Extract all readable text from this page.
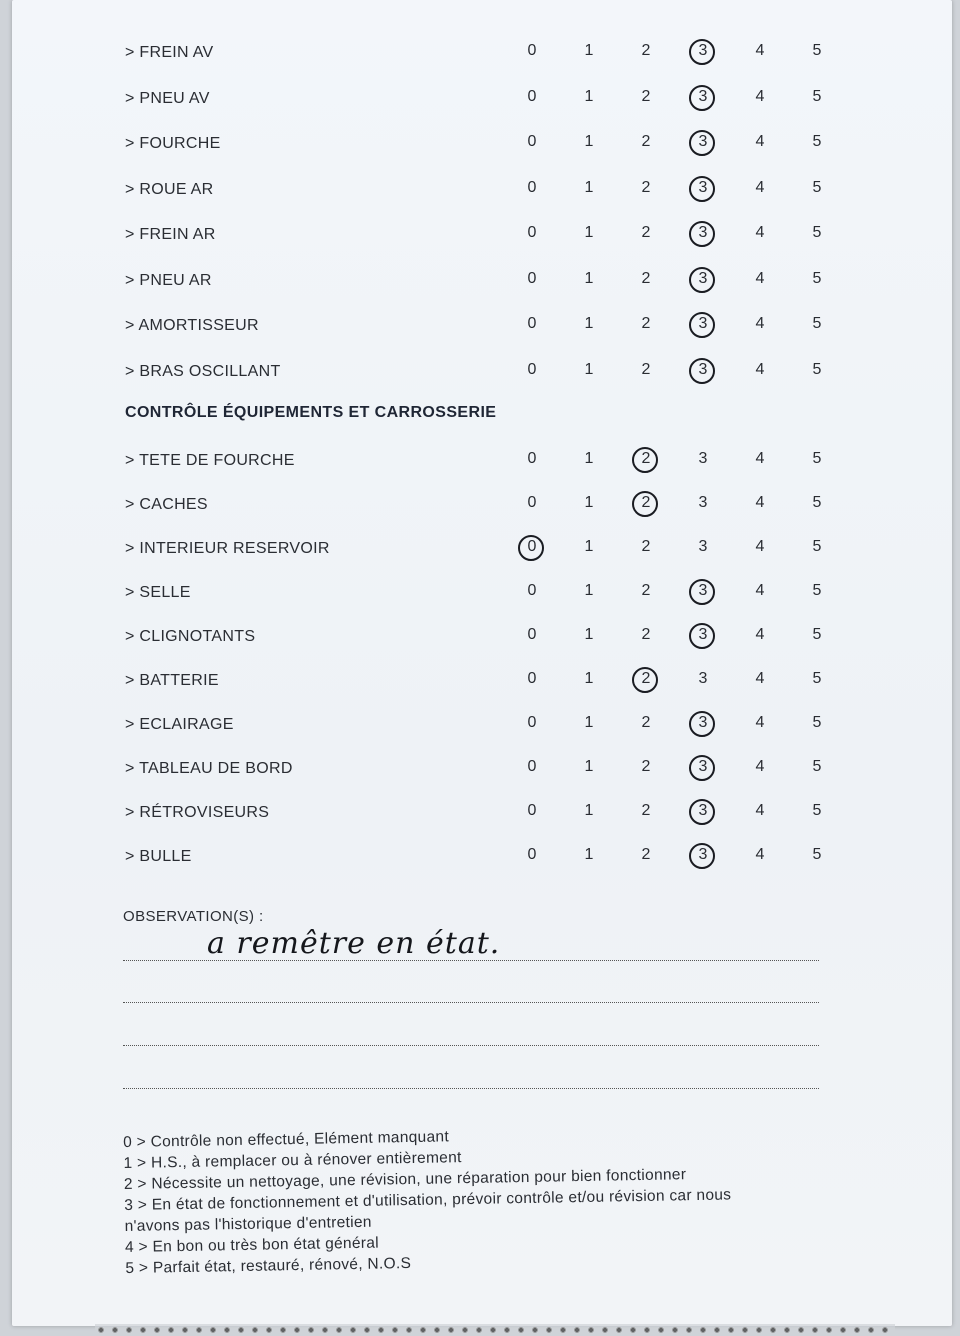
> FREIN AV	0	1	2	3	4	5
> PNEU AV	0	1	2	3	4	5
> FOURCHE	0	1	2	3	4	5
> ROUE AR	0	1	2	3	4	5
> FREIN AR	0	1	2	3	4	5
> PNEU AR	0	1	2	3	4	5
> AMORTISSEUR	0	1	2	3	4	5
> BRAS OSCILLANT	0	1	2	3	4	5
> TETE DE FOURCHE	0	1	2	3	4	5
> CACHES	0	1	2	3	4	5
> INTERIEUR RESERVOIR	0	1	2	3	4	5
> SELLE	0	1	2	3	4	5
> CLIGNOTANTS	0	1	2	3	4	5
> BATTERIE	0	1	2	3	4	5
> ECLAIRAGE	0	1	2	3	4	5
> TABLEAU DE BORD	0	1	2	3	4	5
> RÉTROVISEURS	0	1	2	3	4	5
> BULLE	0	1	2	3	4	5
CONTRÔLE ÉQUIPEMENTS ET CARROSSERIE
OBSERVATION(S) :
a remêtre en état.
0 > Contrôle non effectué, Elément manquant
1 > H.S., à remplacer ou à rénover entièrement
2 > Nécessite un nettoyage, une révision, une réparation pour bien fonctionner
3 > En état de fonctionnement et d'utilisation, prévoir contrôle et/ou révision car nous
n'avons pas l'historique d'entretien
4 > En bon ou très bon état général
5 > Parfait état, restauré, rénové, N.O.S
